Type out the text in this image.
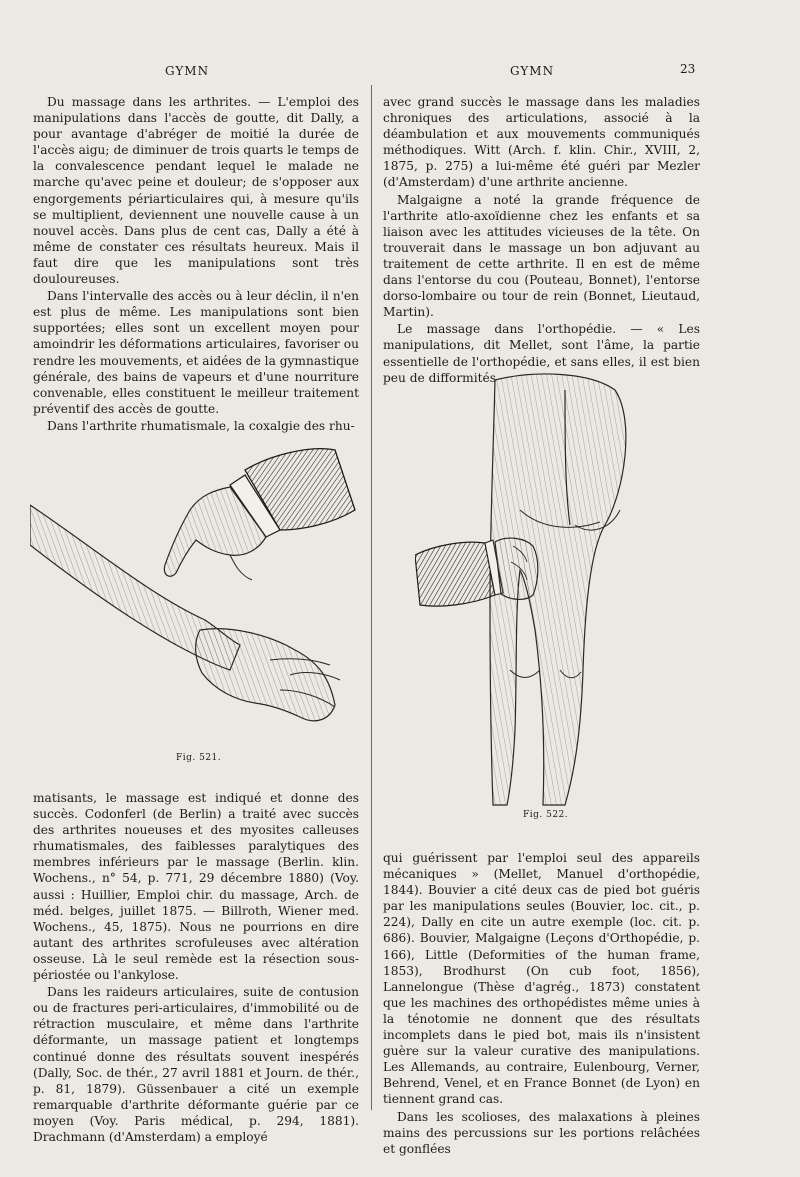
GYMN	GYMN	23

Du massage dans les arthrites. — L'emploi des manipulations dans l'accès de goutte, dit Dally, a pour avantage d'abréger de moitié la durée de l'accès aigu; de diminuer de trois quarts le temps de la convalescence pendant lequel le malade ne marche qu'avec peine et douleur; de s'opposer aux engorgements périarticulaires qui, à mesure qu'ils se multiplient, deviennent une nouvelle cause à un nouvel accès. Dans plus de cent cas, Dally a été à même de constater ces résultats heureux. Mais il faut dire que les manipulations sont très douloureuses.

Dans l'intervalle des accès ou à leur déclin, il n'en est plus de même. Les manipulations sont bien supportées; elles sont un excellent moyen pour amoindrir les déformations articulaires, favoriser ou rendre les mouvements, et aidées de la gymnastique générale, des bains de vapeurs et d'une nourriture convenable, elles constituent le meilleur traitement préventif des accès de goutte.

Dans l'arthrite rhumatismale, la coxalgie des rhu-

Fig. 521.

matisants, le massage est indiqué et donne des succès. Codonferl (de Berlin) a traité avec succès des arthrites noueuses et des myosites calleuses rhumatismales, des faiblesses paralytiques des membres inférieurs par le massage (Berlin. klin. Wochens., n° 54, p. 771, 29 décembre 1880) (Voy. aussi : Huillier, Emploi chir. du massage, Arch. de méd. belges, juillet 1875. — Billroth, Wiener med. Wochens., 45, 1875). Nous ne pourrions en dire autant des arthrites scrofuleuses avec altération osseuse. Là le seul remède est la résection sous-périostée ou l'ankylose.

Dans les raideurs articulaires, suite de contusion ou de fractures peri-articulaires, d'immobilité ou de rétraction musculaire, et même dans l'arthrite déformante, un massage patient et longtemps continué donne des résultats souvent inespérés (Dally, Soc. de thér., 27 avril 1881 et Journ. de thér., p. 81, 1879). Güssenbauer a cité un exemple remarquable d'arthrite déformante guérie par ce moyen (Voy. Paris médical, p. 294, 1881). Drachmann (d'Amsterdam) a employé

avec grand succès le massage dans les maladies chroniques des articulations, associé à la déambulation et aux mouvements communiqués méthodiques. Witt (Arch. f. klin. Chir., XVIII, 2, 1875, p. 275) a lui-même été guéri par Mezler (d'Amsterdam) d'une arthrite ancienne.

Malgaigne a noté la grande fréquence de l'arthrite atlo-axoïdienne chez les enfants et sa liaison avec les attitudes vicieuses de la tête. On trouverait dans le massage un bon adjuvant au traitement de cette arthrite. Il en est de même dans l'entorse du cou (Pouteau, Bonnet), l'entorse dorso-lombaire ou tour de rein (Bonnet, Lieutaud, Martin).

Le massage dans l'orthopédie. — « Les manipulations, dit Mellet, sont l'âme, la partie essentielle de l'orthopédie, et sans elles, il est bien peu de difformités

Fig. 522.

qui guérissent par l'emploi seul des appareils mécaniques » (Mellet, Manuel d'orthopédie, 1844). Bouvier a cité deux cas de pied bot guéris par les manipulations seules (Bouvier, loc. cit., p. 224), Dally en cite un autre exemple (loc. cit. p. 686). Bouvier, Malgaigne (Leçons d'Orthopédie, p. 166), Little (Deformities of the human frame, 1853), Brodhurst (On cub foot, 1856), Lannelongue (Thèse d'agrég., 1873) constatent que les machines des orthopédistes même unies à la ténotomie ne donnent que des résultats incomplets dans le pied bot, mais ils n'insistent guère sur la valeur curative des manipulations. Les Allemands, au contraire, Eulenbourg, Verner, Behrend, Venel, et en France Bonnet (de Lyon) en tiennent grand cas.

Dans les scolioses, des malaxations à pleines mains des percussions sur les portions relâchées et gonflées
